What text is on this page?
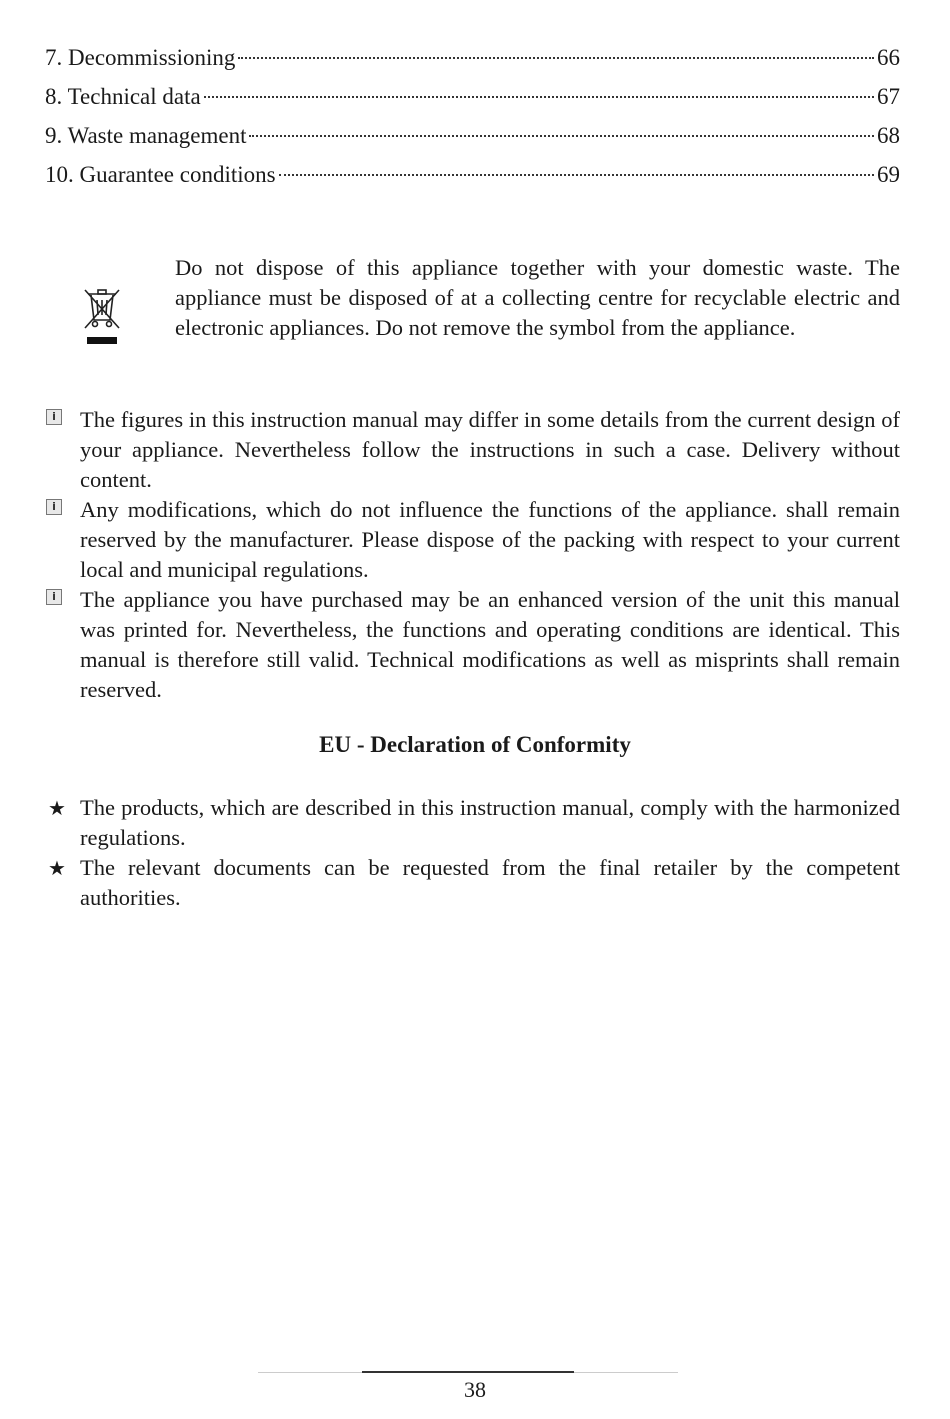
7. Decommissioning	66
8. Technical data	67
9. Waste management	68
10. Guarantee conditions	69
Do not dispose of this appliance together with your domestic waste. The appliance must be disposed of at a collecting centre for recyclable electric and electronic appliances. Do not remove the symbol from the appliance.
i The figures in this instruction manual may differ in some details from the current design of your appliance. Nevertheless follow the instructions in such a case. Delivery without content.
i Any modifications, which do not influence the functions of the appliance. shall remain reserved by the manufacturer. Please dispose of the packing with respect to your current local and municipal regulations.
i The appliance you have purchased may be an enhanced version of the unit this manual was printed for. Nevertheless, the functions and operating conditions are identical. This manual is therefore still valid. Technical modifications as well as misprints shall remain reserved.
EU - Declaration of Conformity
★ The products, which are described in this instruction manual, comply with the harmonized regulations.
★ The relevant documents can be requested from the final retailer by the competent authorities.
38
